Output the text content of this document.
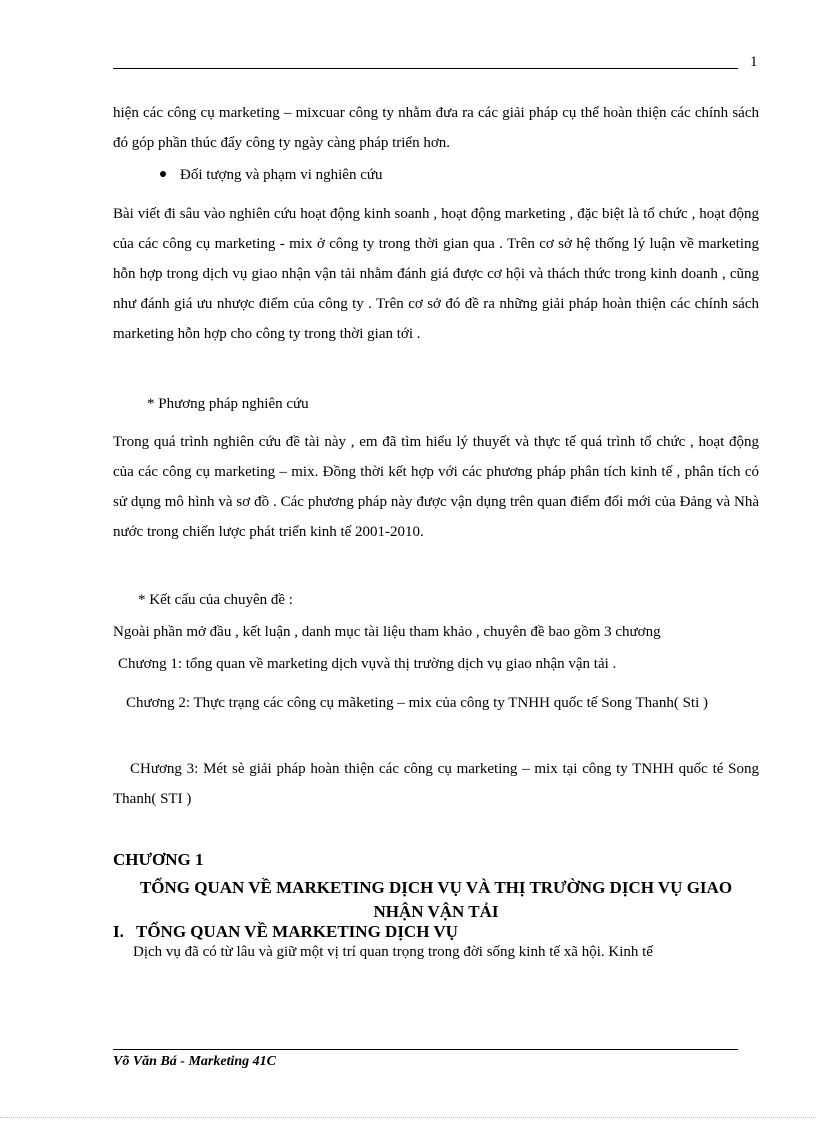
1

hiện các công cụ marketing – mixcuar công ty nhằm đưa ra các giải pháp cụ thể hoàn thiện các chính sách đó góp phần thúc đẩy công ty ngày càng pháp triển hơn.

Đối tượng và phạm vi nghiên cứu

Bài viết đi sâu vào nghiên cứu hoạt động kinh soanh , hoạt động marketing , đặc biệt là tổ chức , hoạt động của các công cụ marketing - mix ở công ty trong thời gian qua . Trên cơ sở hệ thống lý luận về marketing hỗn hợp trong dịch vụ giao nhận vận tải nhằm đánh giá được cơ hội và thách thức trong kinh doanh , cũng như đánh giá ưu nhược điểm của công ty . Trên cơ sở đó đề ra những giải pháp hoàn thiện các chính sách marketing hỗn hợp cho công ty trong thời gian tới .

* Phương pháp nghiên cứu

Trong quá trình nghiên cứu đề tài này , em đã tìm hiểu lý thuyết và thực tế quá trình tổ chức , hoạt động của các công cụ marketing – mix. Đồng thời kết hợp với các phương pháp phân tích kinh tế , phân tích có sử dụng mô hình và sơ đồ . Các phương pháp này được vận dụng trên quan điểm đổi mới của Đảng và Nhà nước trong chiến lược phát triển kinh tế 2001-2010.

* Kết cấu của chuyên đề :
Ngoài phần mở đầu , kết luận , danh mục tài liệu tham khảo , chuyên đề bao gồm 3 chương
Chương 1: tổng quan về marketing dịch vụvà thị trường dịch vụ giao nhận vận tải .

Chương 2: Thực trạng các công cụ mãketing – mix của công ty TNHH quốc tế Song Thanh( Sti )

CHương 3: Mét sè giải pháp hoàn thiện các công cụ marketing – mix tại công ty TNHH quốc té Song Thanh( STI )

CHƯƠNG 1
TỔNG QUAN VỀ MARKETING DỊCH VỤ VÀ THỊ TRƯỜNG DỊCH VỤ GIAO NHẬN VẬN TẢI
I. TỔNG QUAN VỀ MARKETING DỊCH VỤ
Dịch vụ đã có từ lâu và giữ một vị trí quan trọng trong đời sống kinh tế xã hội. Kinh tế
Võ Văn Bá - Marketing 41C
